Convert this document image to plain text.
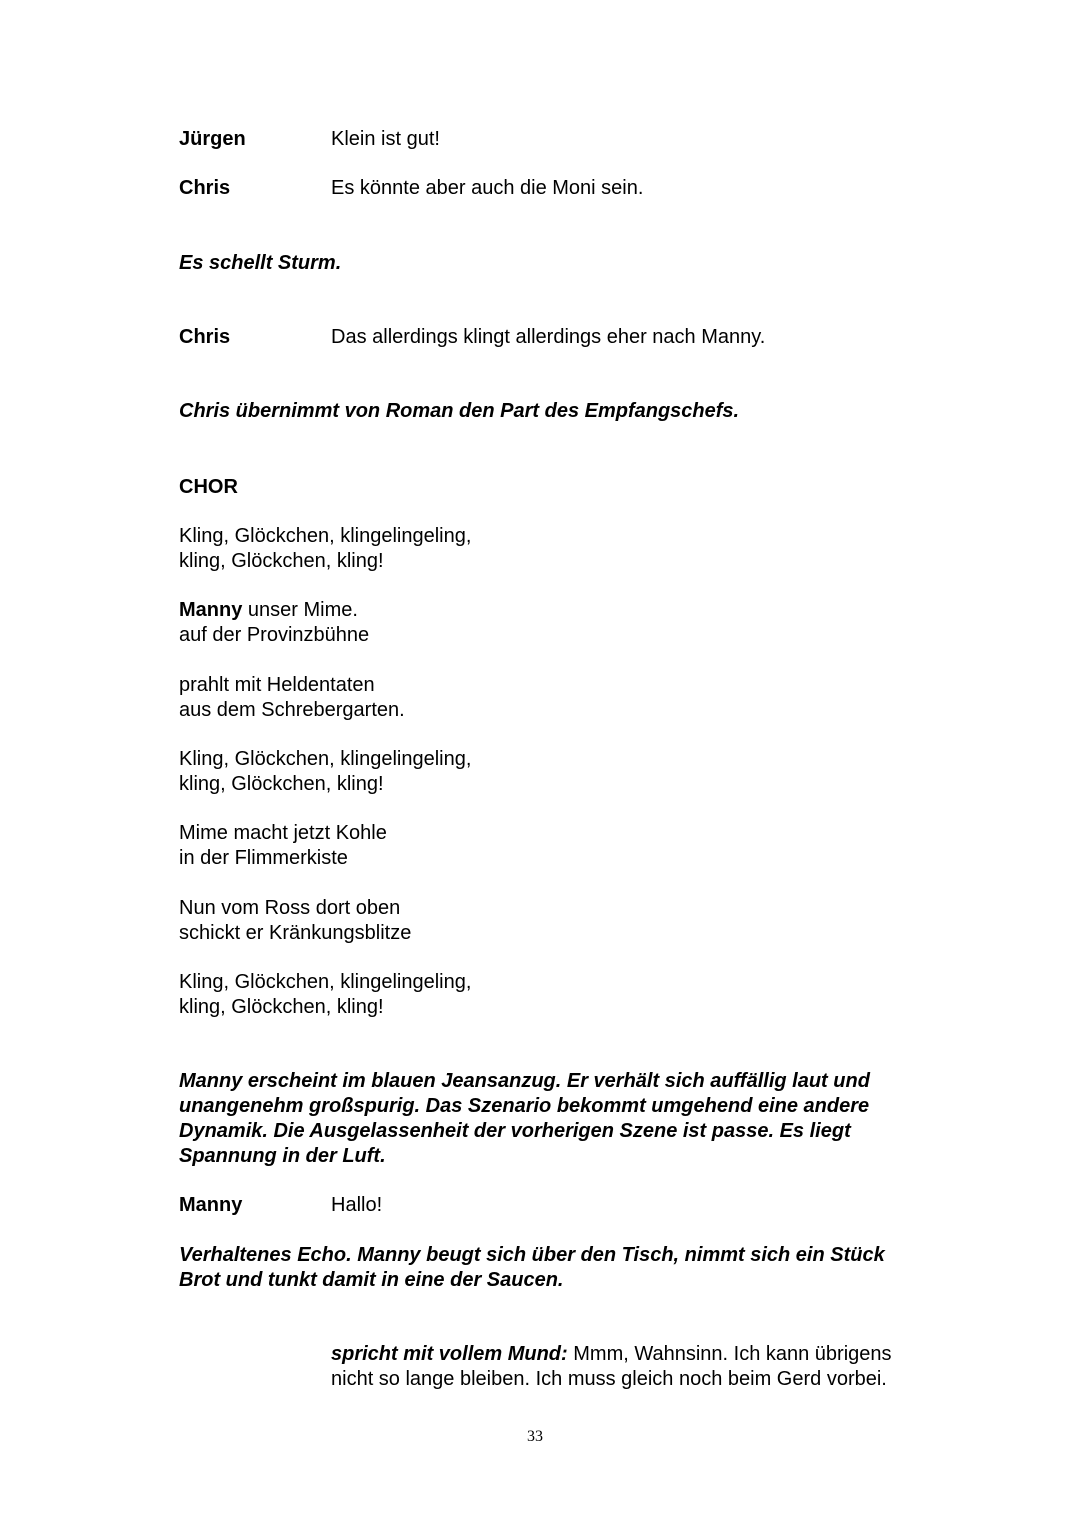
Jürgen	Klein ist gut!
Chris	Es könnte aber auch die Moni sein.
Es schellt Sturm.
Chris	Das allerdings klingt allerdings eher nach Manny.
Chris übernimmt von Roman den Part des Empfangschefs.
CHOR
Kling, Glöckchen, klingelingeling,
kling, Glöckchen, kling!
Manny unser Mime.
auf der Provinzbühne
prahlt mit Heldentaten
aus dem Schrebergarten.
Kling, Glöckchen, klingelingeling,
kling, Glöckchen, kling!
Mime macht jetzt Kohle
in der Flimmerkiste
Nun vom Ross dort oben
schickt er Kränkungsblitze
Kling, Glöckchen, klingelingeling,
kling, Glöckchen, kling!
Manny erscheint im blauen Jeansanzug. Er verhält sich auffällig laut und
unangenehm großspurig. Das Szenario bekommt umgehend eine andere
Dynamik. Die Ausgelassenheit der vorherigen Szene ist passe. Es liegt
Spannung in der Luft.
Manny	Hallo!
Verhaltenes Echo. Manny beugt sich über den Tisch, nimmt sich ein Stück
Brot und tunkt damit in eine der Saucen.
spricht mit vollem Mund: Mmm, Wahnsinn. Ich kann übrigens
nicht so lange bleiben. Ich muss gleich noch beim Gerd vorbei.
33
